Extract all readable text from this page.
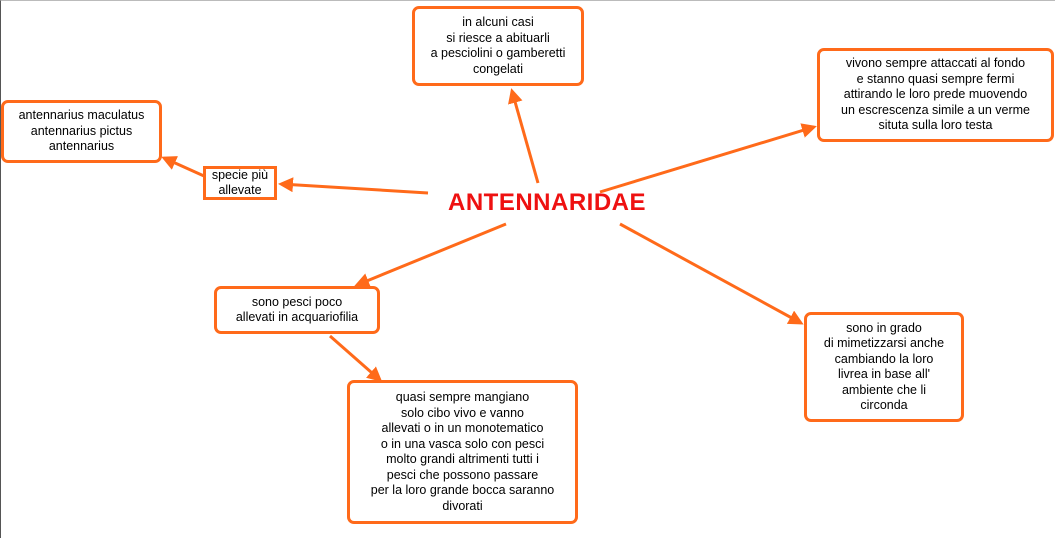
ANTENNARIDAE
in alcuni casi
si riesce a abituarli
a pesciolini o gamberetti
congelati	vivono sempre attaccati al fondo
e stanno quasi sempre fermi
attirando le loro prede muovendo
un escrescenza simile a un verme
situta sulla loro testa
antennarius maculatus
antennarius pictus
antennarius
specie più
allevate
sono pesci poco
allevati in acquariofilia
quasi sempre mangiano
solo cibo vivo e vanno
allevati o in un monotematico
o in una vasca solo con pesci
molto grandi altrimenti tutti i
pesci che possono passare
per la loro grande bocca saranno
divorati
sono in grado
di mimetizzarsi anche
cambiando la loro
livrea in base all'
ambiente che li
circonda
